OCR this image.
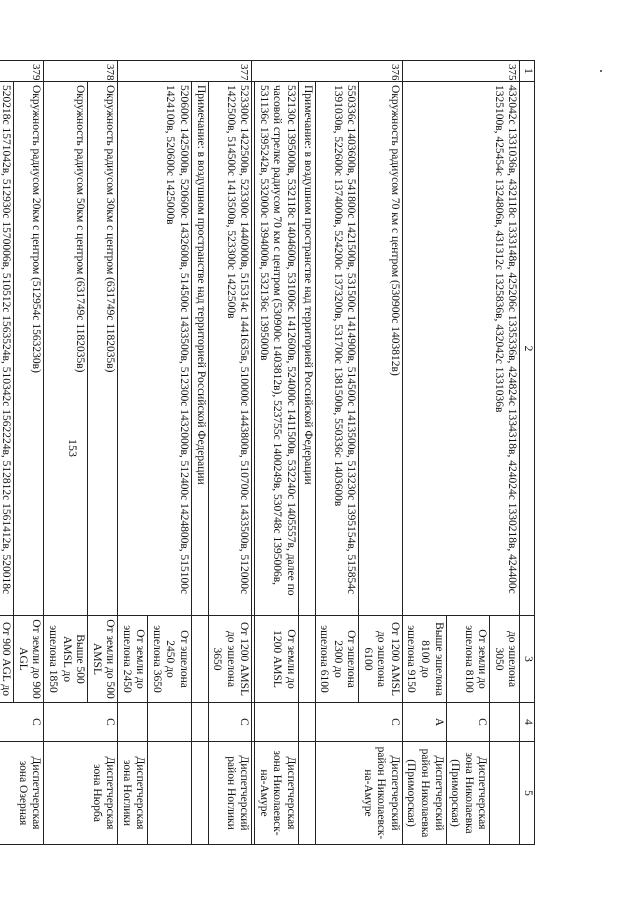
153
1	2	3	4	5
375	432042с 1331036в, 432118с 1333148в, 425206с 1335336в, 424824с 1334318в, 424024с 1330218в, 424400с 1325100в, 425454с 1324806в, 431312с 1325836в, 432042с 1331036в	до эшелона 3050		
		От земли до эшелона 8100	С	Диспетчерская зона Николаевка (Приморская)
		Выше эшелона 8100 до эшелона 9150	А	Диспетчерский район Николаевка (Приморская)
376	Окружность радиусом 70 км с центром (530900с 1403812в)	От 1200 AMSL до эшелона 6100	С	Диспетчерский район Николаевск-на-Амуре
	550336с 1403600в, 541800с 1421500в, 531500с 1414900в, 514500с 1413500в, 513230с 1395154в, 515854с 1391030в, 522600с 1374000в, 524200с 1373200в, 531700с 1381500в, 550336с 1403600в	От эшелона 2300 до эшелона 6100		
	Примечание: в воздушном пространстве над территорией Российской Федерации			
	532130с 1395000в, 532118с 1404600в, 531006с 1412600в, 524000с 1411500в, 532240с 1405557в, далее по часовой стрелке радиусом 70 км с центром (530900с 1403812в), 523755с 1400249в, 530748с 1395006в, 531136с 1395242в, 532000с 1394000в, 532136с 1395000в	От земли до 1200 AMSL		Диспетчерская зона Николаевск-на-Амуре

377	523300с 1422500в, 523300с 1440000в, 515314с 1441635в, 510000с 1443800в, 510700с 1433500в, 512000с 1422500в, 514500с 1413500в, 523300с 1422500в	От 1200 AMSL до эшелона 3650	С	Диспетчерский район Ноглики
	Примечание: в воздушном пространстве над территорией Российской Федерации			
	520600с 1425000в, 520600с 1432600в, 514500с 1433500в, 512300с 1432000в, 512400с 1424800в, 515100с 1424100в, 520600с 1425000в	От эшелона 2450 до эшелона 3650		
		От земли до эшелона 2450		Диспетчерская зона Ноглики
378	Окружность радиусом 30км с центром (631749с 1182035в)	От земли до 500 AMSL	С	Диспетчерская зона Нюрба
	Окружность радиусом 50км с центром (631749с 1182035в)	Выше 500 AMSL до эшелона 1850		
379	Окружность радиусом 20км с центром (512954с 1563230в)	От земли до 900 AGL	С	Диспетчерская зона Озерная
	520218с 1571042в, 512930с 1570006в, 510512с 1563524в, 510342с 1562224в, 512812с 1561412в, 520018с	От 900 AGL до		
